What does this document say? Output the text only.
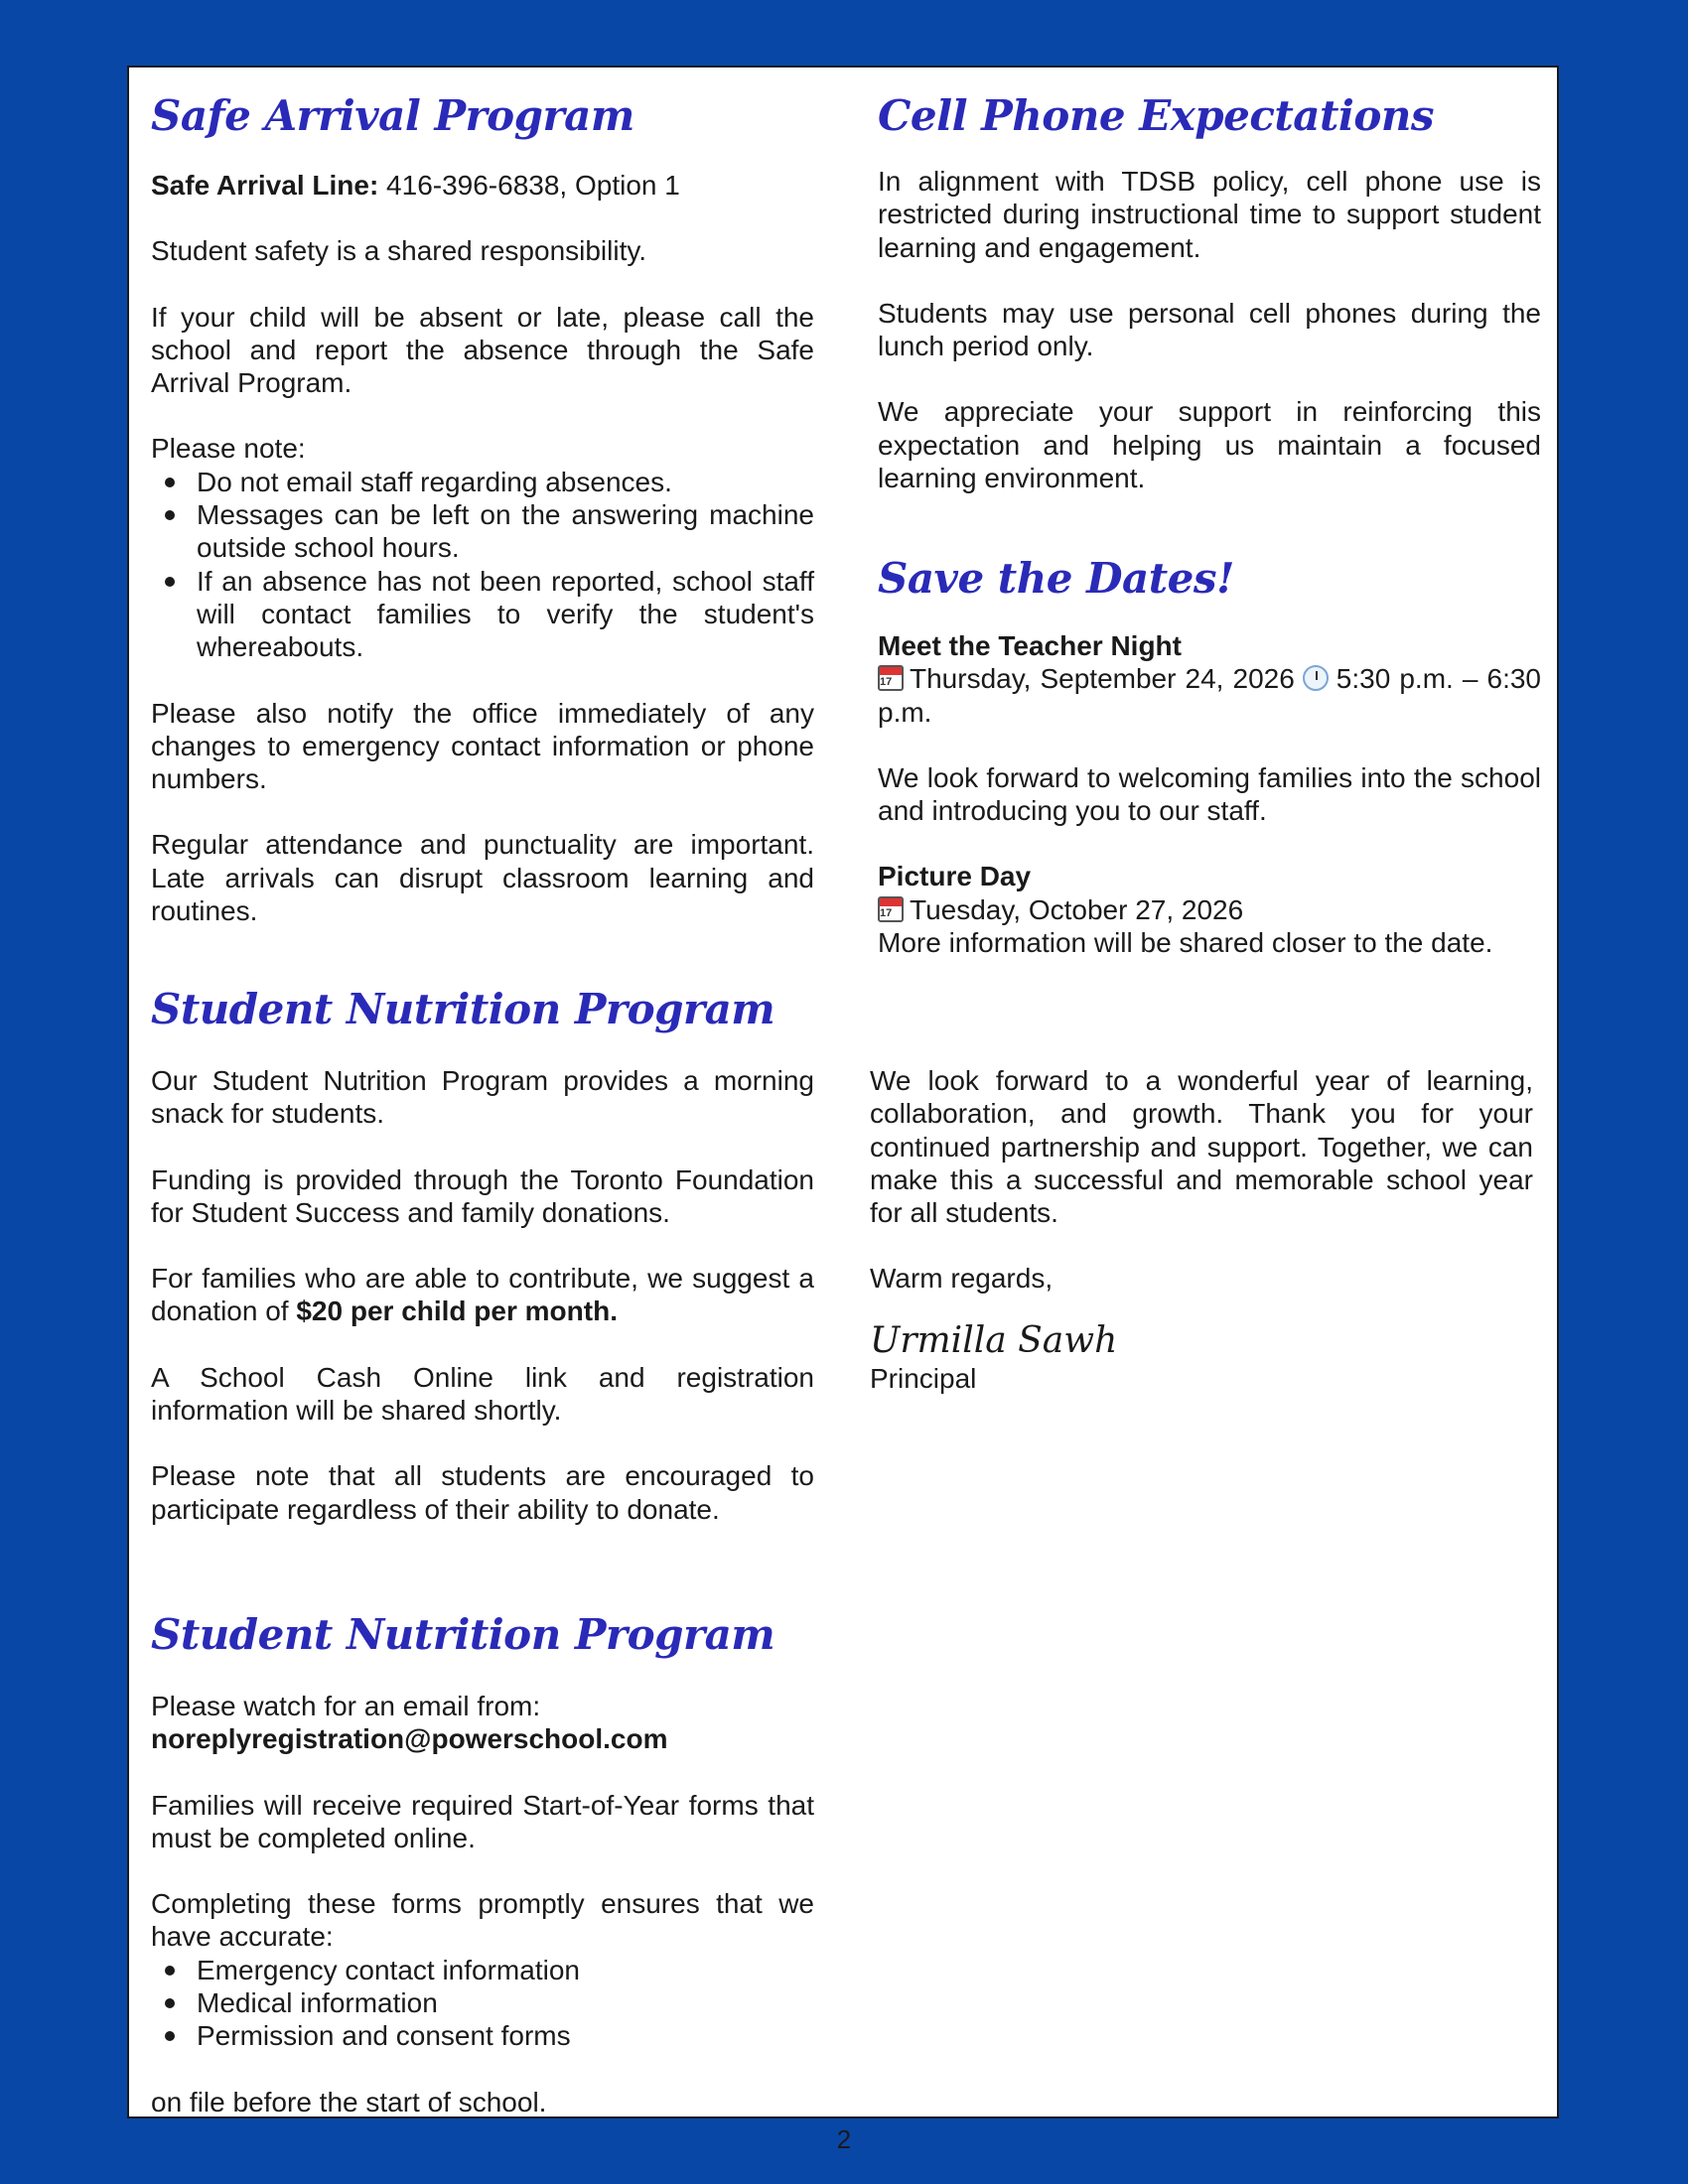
Safe Arrival Program

Safe Arrival Line: 416-396-6838, Option 1

Student safety is a shared responsibility.

If your child will be absent or late, please call the school and report the absence through the Safe Arrival Program.

Please note:

Do not email staff regarding absences.
Messages can be left on the answering machine outside school hours.
If an absence has not been reported, school staff will contact families to verify the student's whereabouts.

Please also notify the office immediately of any changes to emergency contact information or phone numbers.

Regular attendance and punctuality are important. Late arrivals can disrupt classroom learning and routines.

Student Nutrition Program

Our Student Nutrition Program provides a morning snack for students.

Funding is provided through the Toronto Foundation for Student Success and family donations.

For families who are able to contribute, we suggest a donation of $20 per child per month.

A School Cash Online link and registration information will be shared shortly.

Please note that all students are encouraged to participate regardless of their ability to donate.

Student Nutrition Program

Please watch for an email from:

noreplyregistration@powerschool.com

Families will receive required Start-of-Year forms that must be completed online.

Completing these forms promptly ensures that we have accurate:

Emergency contact information
Medical information
Permission and consent forms

on file before the start of school.

Cell Phone Expectations

In alignment with TDSB policy, cell phone use is restricted during instructional time to support student learning and engagement.

Students may use personal cell phones during the lunch period only.

We appreciate your support in reinforcing this expectation and helping us maintain a focused learning environment.

Save the Dates!

Meet the Teacher Night

17 Thursday, September 24, 2026 5:30 p.m. – 6:30 p.m.

We look forward to welcoming families into the school and introducing you to our staff.

Picture Day

17 Tuesday, October 27, 2026

More information will be shared closer to the date.

We look forward to a wonderful year of learning, collaboration, and growth. Thank you for your continued partnership and support. Together, we can make this a successful and memorable school year for all students.

Warm regards,

Urmilla Sawh

Principal

2
